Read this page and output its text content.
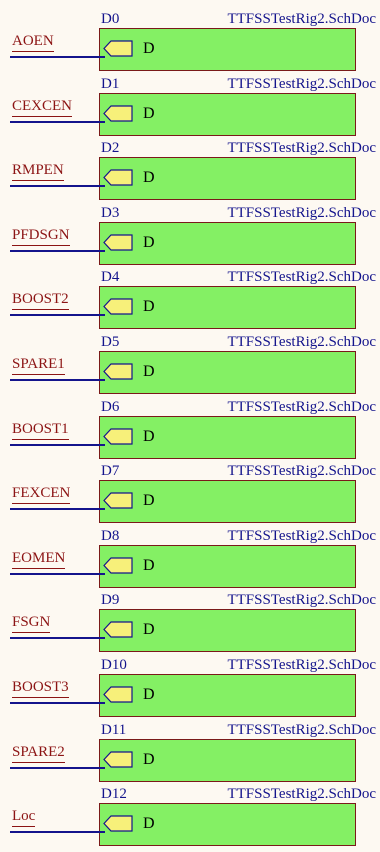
D
D0	TTFSSTestRig2.SchDoc
AOEN
D
D1	TTFSSTestRig2.SchDoc
CEXCEN
D
D2	TTFSSTestRig2.SchDoc
RMPEN
D
D3	TTFSSTestRig2.SchDoc
PFDSGN
D
D4	TTFSSTestRig2.SchDoc
BOOST2
D
D5	TTFSSTestRig2.SchDoc
SPARE1
D
D6	TTFSSTestRig2.SchDoc
BOOST1
D
D7	TTFSSTestRig2.SchDoc
FEXCEN
D
D8	TTFSSTestRig2.SchDoc
EOMEN
D
D9	TTFSSTestRig2.SchDoc
FSGN
D
D10	TTFSSTestRig2.SchDoc
BOOST3
D
D11	TTFSSTestRig2.SchDoc
SPARE2
D
D12	TTFSSTestRig2.SchDoc
Loc
